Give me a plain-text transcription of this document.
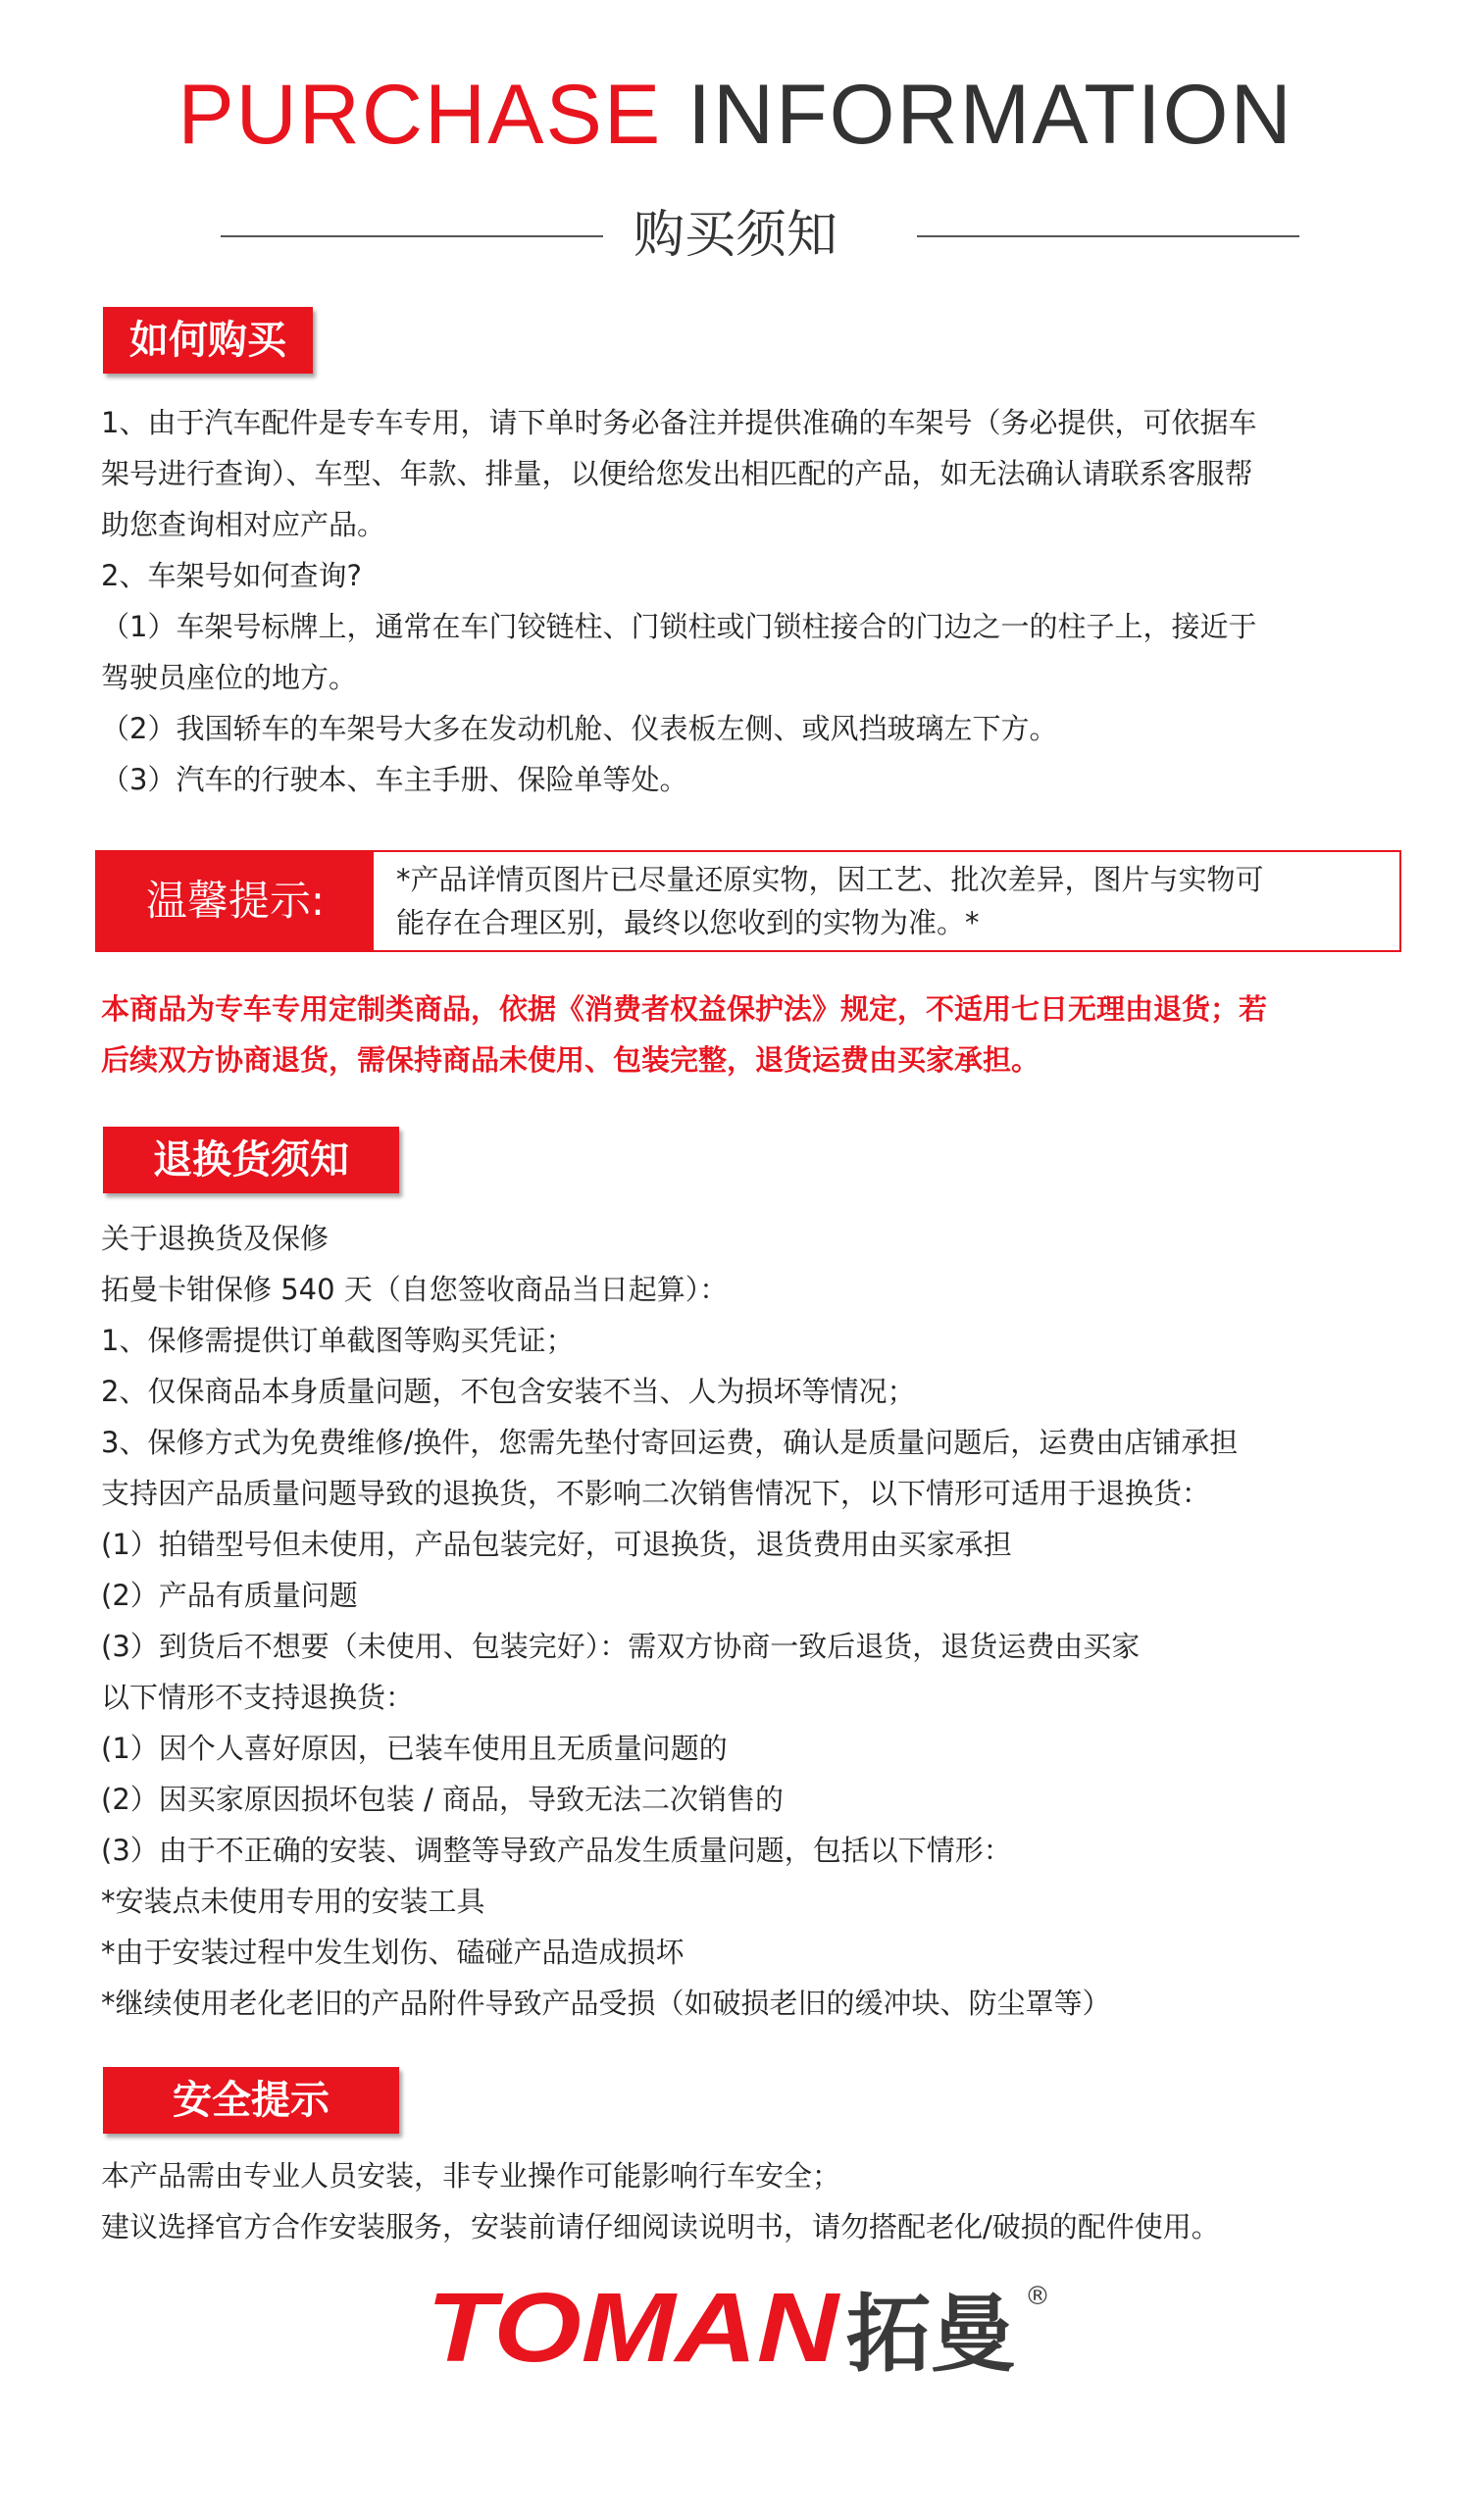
PURCHASE INFORMATION
购买须知
如何购买
1、由于汽车配件是专车专用，请下单时务必备注并提供准确的车架号（务必提供，可依据车
架号进行查询）、车型、年款、排量，以便给您发出相匹配的产品，如无法确认请联系客服帮
助您查询相对应产品。
2、车架号如何查询?
（1）车架号标牌上，通常在车门铰链柱、门锁柱或门锁柱接合的门边之一的柱子上，接近于
驾驶员座位的地方。
（2）我国轿车的车架号大多在发动机舱、仪表板左侧、或风挡玻璃左下方。
（3）汽车的行驶本、车主手册、保险单等处。
温馨提示:	*产品详情页图片已尽量还原实物，因工艺、批次差异，图片与实物可
能存在合理区别，最终以您收到的实物为准。*
本商品为专车专用定制类商品，依据《消费者权益保护法》规定，不适用七日无理由退货；若
后续双方协商退货，需保持商品未使用、包装完整，退货运费由买家承担。
退换货须知
关于退换货及保修
拓曼卡钳保修 540 天（自您签收商品当日起算）：
1、保修需提供订单截图等购买凭证；
2、仅保商品本身质量问题，不包含安装不当、人为损坏等情况；
3、保修方式为免费维修/换件，您需先垫付寄回运费，确认是质量问题后，运费由店铺承担
支持因产品质量问题导致的退换货，不影响二次销售情况下，以下情形可适用于退换货：
(1）拍错型号但未使用，产品包装完好，可退换货，退货费用由买家承担
(2）产品有质量问题
(3）到货后不想要（未使用、包装完好）：需双方协商一致后退货，退货运费由买家
以下情形不支持退换货：
(1）因个人喜好原因，已装车使用且无质量问题的
(2）因买家原因损坏包装 / 商品，导致无法二次销售的
(3）由于不正确的安装、调整等导致产品发生质量问题，包括以下情形：
*安装点未使用专用的安装工具
*由于安装过程中发生划伤、磕碰产品造成损坏
*继续使用老化老旧的产品附件导致产品受损（如破损老旧的缓冲块、防尘罩等）
安全提示
本产品需由专业人员安装，非专业操作可能影响行车安全；
建议选择官方合作安装服务，安装前请仔细阅读说明书，请勿搭配老化/破损的配件使用。
TOMAN 拓曼 ®
